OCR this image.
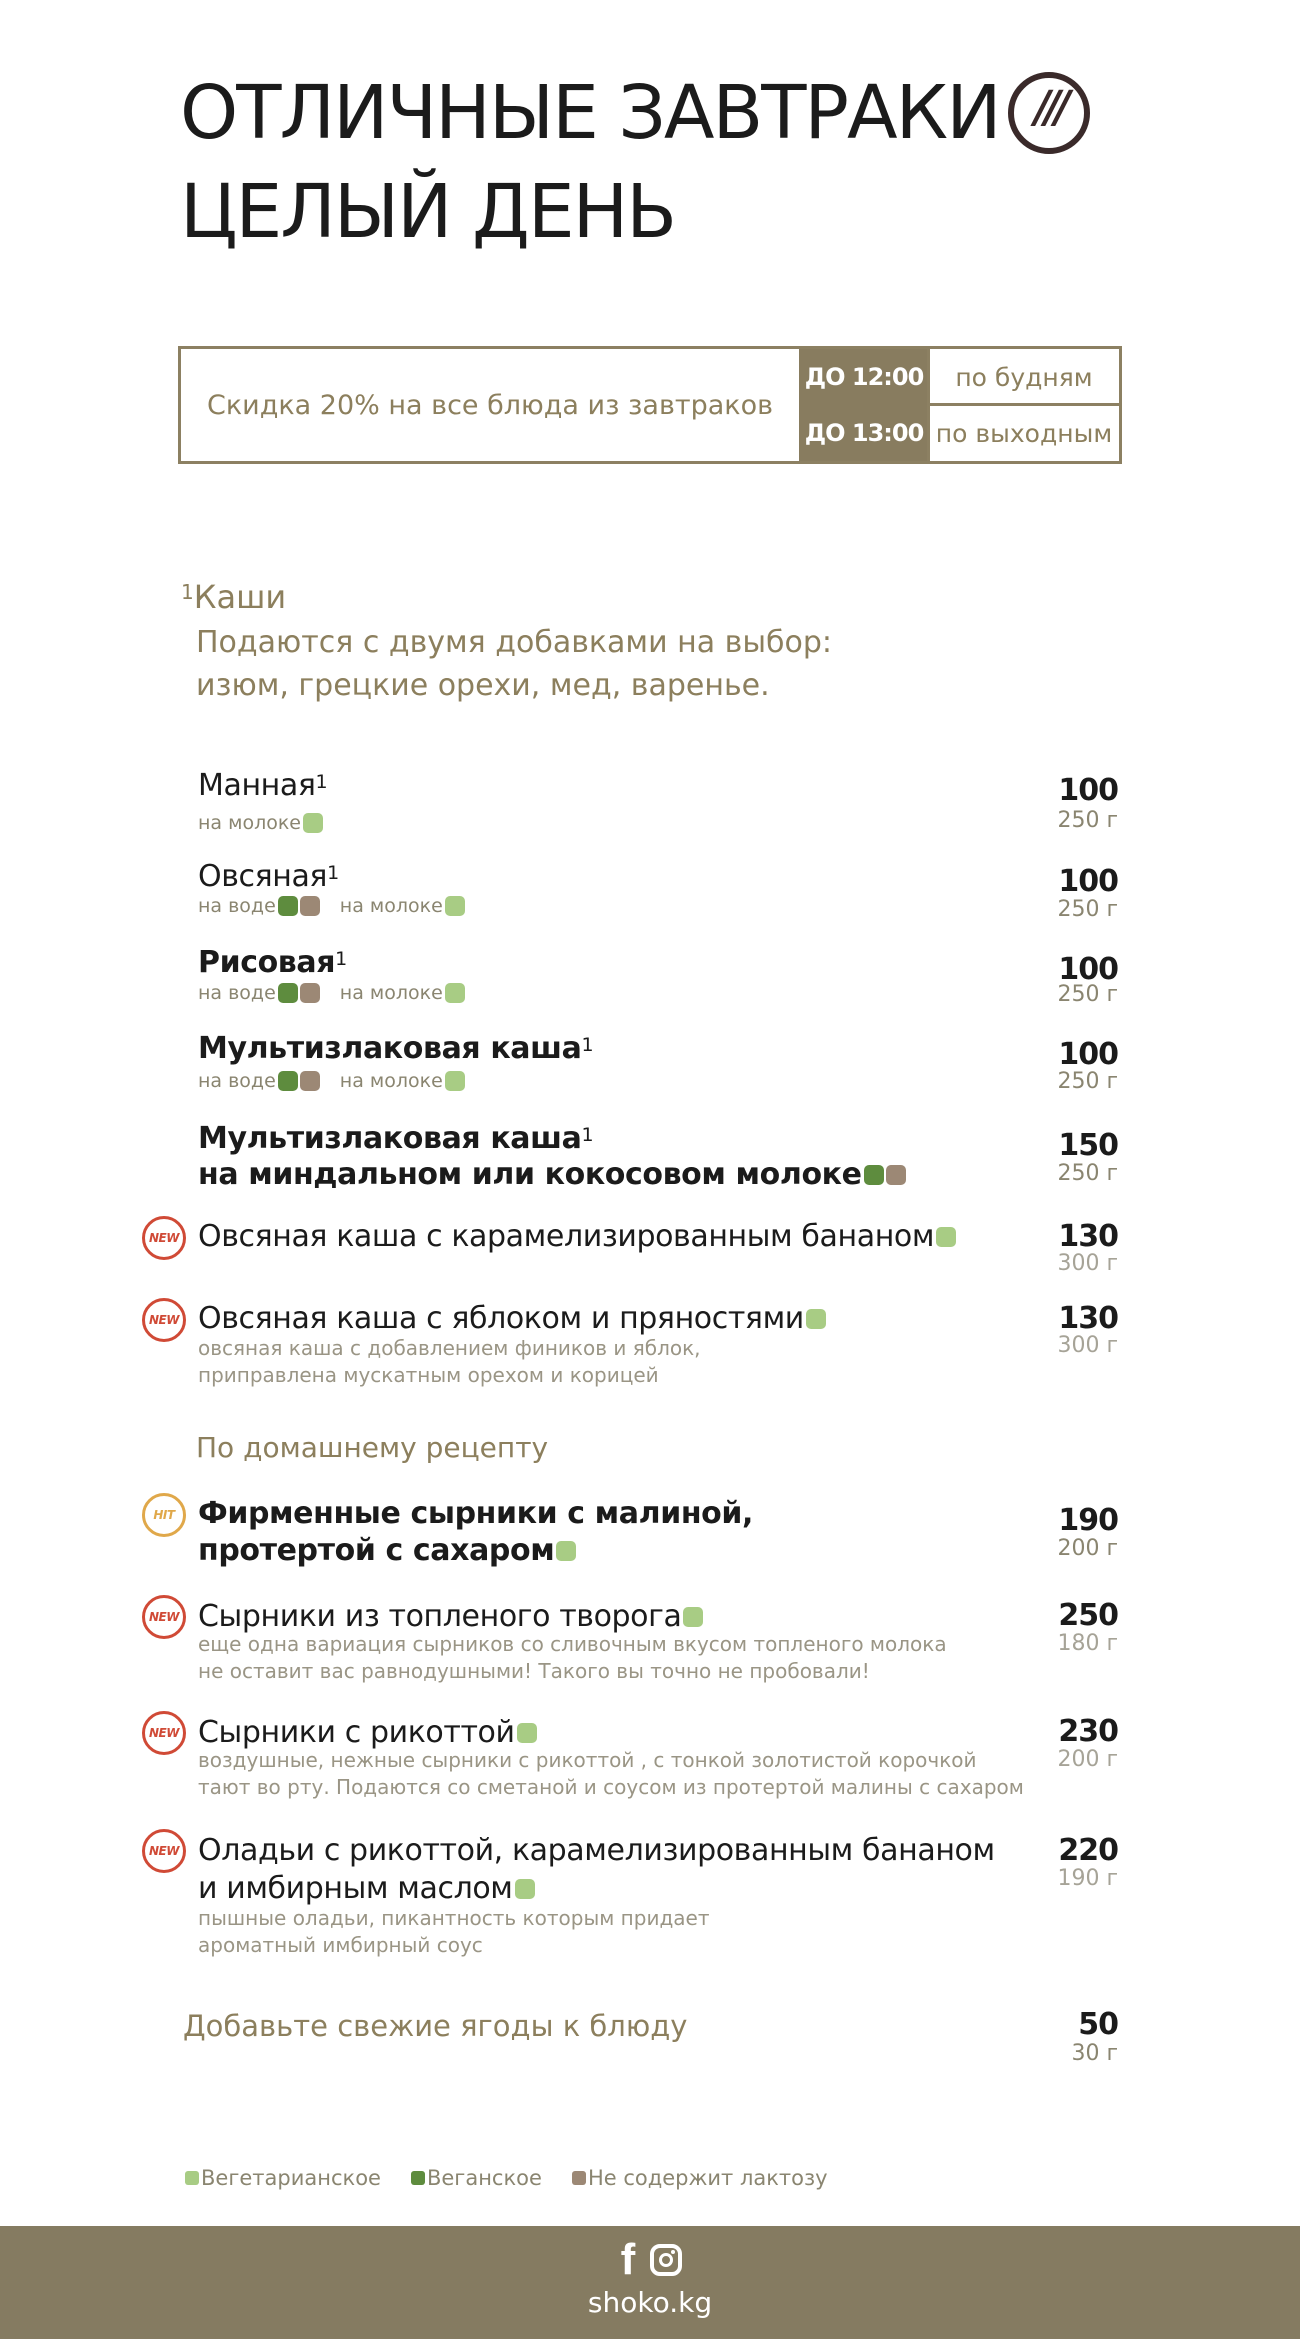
ОТЛИЧНЫЕ ЗАВТРАКИ
ЦЕЛЫЙ ДЕНЬ
///
Скидка 20% на все блюда из завтраков
ДО 12:00	по будням
ДО 13:00 по выходным
1Каши
Подаются с двумя добавками на выбор:
изюм, грецкие орехи, мед, варенье.
Манная$^1$
на молоке
100
250 г
Овсяная$^1$
на воде	на молоке
100
250 г
Рисовая$^1$
на воде	на молоке
100
250 г
Мультизлаковая каша$^1$
на воде	на молоке
100
250 г
Мультизлаковая каша$^1$
на миндальном или кокосовом молоке
150
250 г
NEW Овсяная каша с карамелизированным бананом	130
300 г
NEW Овсяная каша с яблоком и пряностями
овсяная каша с добавлением фиников и яблок,
приправлена мускатным орехом и корицей
130
300 г
По домашнему рецепту
HIT Фирменные сырники с малиной,
протертой с сахаром
190
200 г
NEW Сырники из топленого творога
еще одна вариация сырников со сливочным вкусом топленого молока
не оставит вас равнодушными! Такого вы точно не пробовали!
250
180 г
NEW Сырники с рикоттой
воздушные, нежные сырники с рикоттой , с тонкой золотистой корочкой
тают во рту. Подаются со сметаной и соусом из протертой малины с сахаром
230
200 г
NEW Оладьи с рикоттой, карамелизированным бананом
и имбирным маслом
пышные оладьи, пикантность которым придает
ароматный имбирный соус
220
190 г
Добавьте свежие ягоды к блюду	50
30 г
Вегетарианское Веганское Не содержит лактозу
f
shoko.kg
